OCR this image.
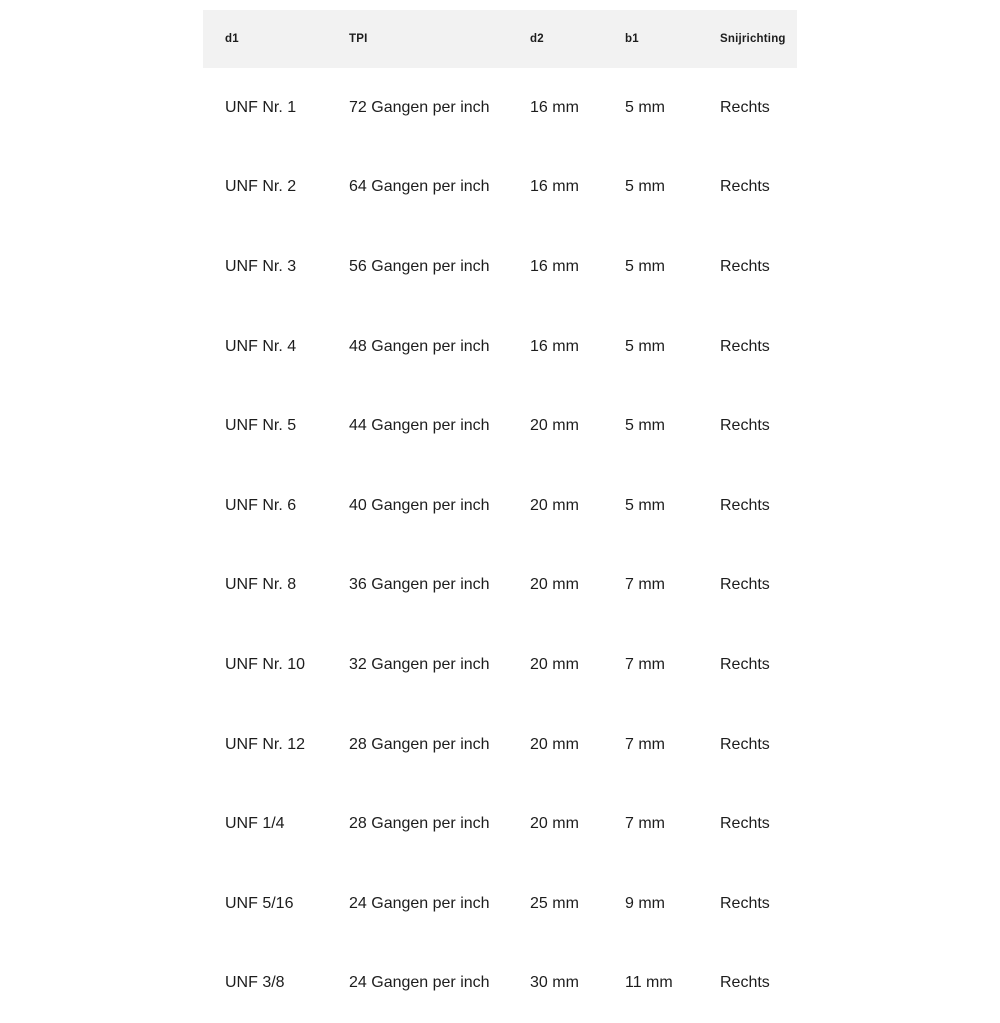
d1	TPI	d2	b1	Snijrichting
UNF Nr. 1	72 Gangen per inch	16 mm	5 mm	Rechts
UNF Nr. 2	64 Gangen per inch	16 mm	5 mm	Rechts
UNF Nr. 3	56 Gangen per inch	16 mm	5 mm	Rechts
UNF Nr. 4	48 Gangen per inch	16 mm	5 mm	Rechts
UNF Nr. 5	44 Gangen per inch	20 mm	5 mm	Rechts
UNF Nr. 6	40 Gangen per inch	20 mm	5 mm	Rechts
UNF Nr. 8	36 Gangen per inch	20 mm	7 mm	Rechts
UNF Nr. 10	32 Gangen per inch	20 mm	7 mm	Rechts
UNF Nr. 12	28 Gangen per inch	20 mm	7 mm	Rechts
UNF 1/4	28 Gangen per inch	20 mm	7 mm	Rechts
UNF 5/16	24 Gangen per inch	25 mm	9 mm	Rechts
UNF 3/8	24 Gangen per inch	30 mm	11 mm	Rechts
